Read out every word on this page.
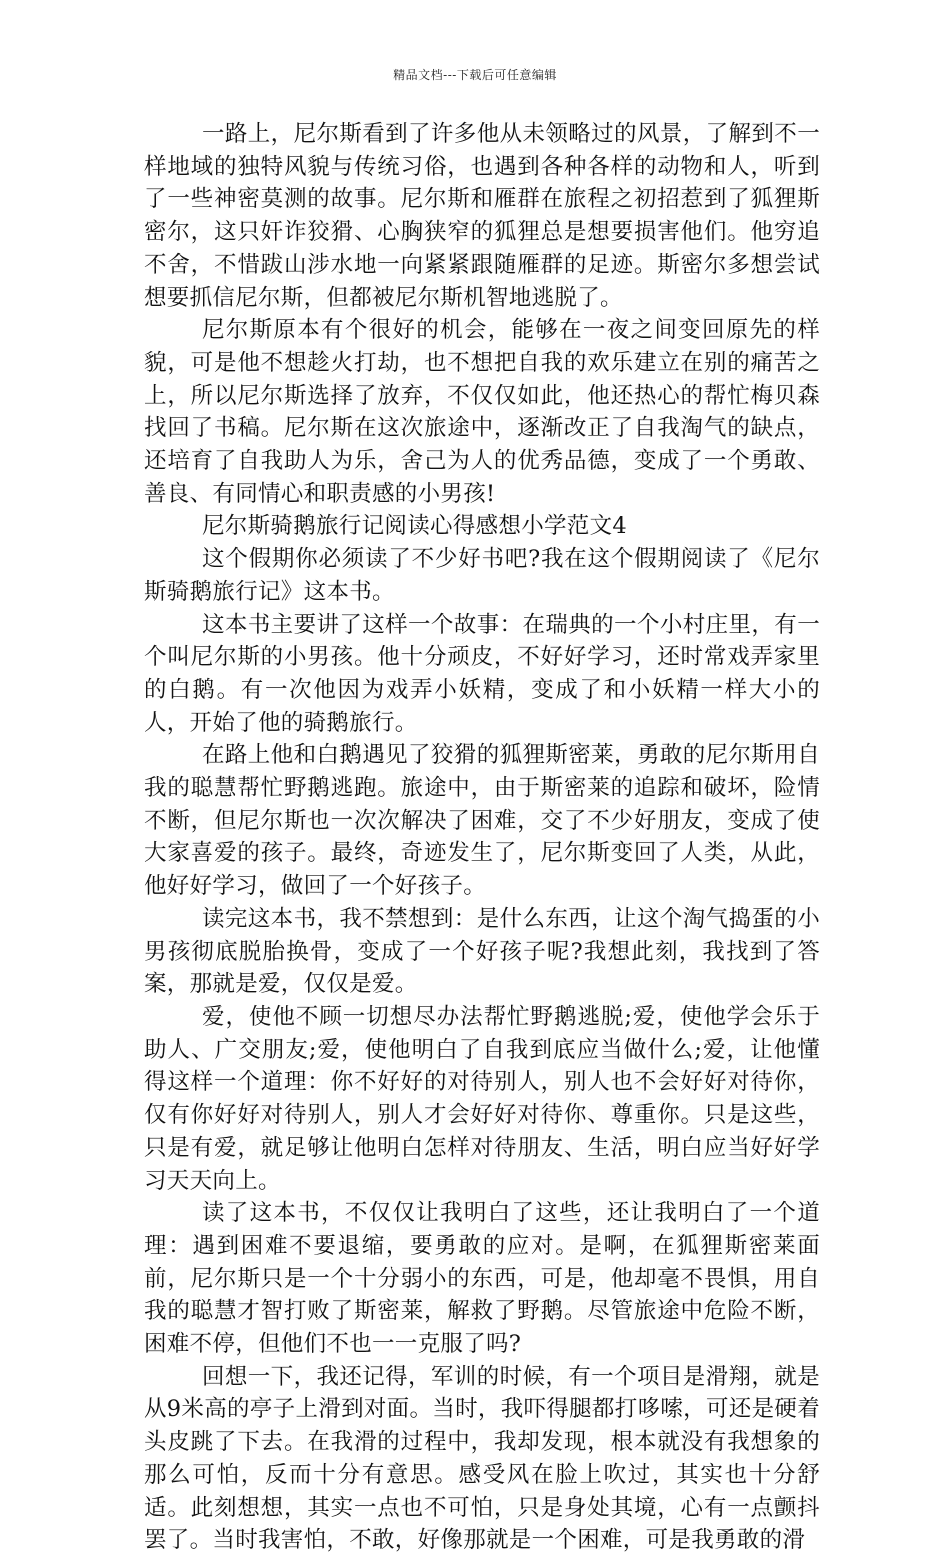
精品文档---下载后可任意编辑

一路上，尼尔斯看到了许多他从未领略过的风景，了解到不一样地域的独特风貌与传统习俗，也遇到各种各样的动物和人，听到了一些神密莫测的故事。尼尔斯和雁群在旅程之初招惹到了狐狸斯密尔，这只奸诈狡猾、心胸狭窄的狐狸总是想要损害他们。他穷追不舍，不惜跋山涉水地一向紧紧跟随雁群的足迹。斯密尔多想尝试想要抓信尼尔斯，但都被尼尔斯机智地逃脱了。

尼尔斯原本有个很好的机会，能够在一夜之间变回原先的样貌，可是他不想趁火打劫，也不想把自我的欢乐建立在别的痛苦之上，所以尼尔斯选择了放弃，不仅仅如此，他还热心的帮忙梅贝森找回了书稿。尼尔斯在这次旅途中，逐渐改正了自我淘气的缺点，还培育了自我助人为乐，舍己为人的优秀品德，变成了一个勇敢、善良、有同情心和职责感的小男孩!

尼尔斯骑鹅旅行记阅读心得感想小学范文4

这个假期你必须读了不少好书吧?我在这个假期阅读了《尼尔斯骑鹅旅行记》这本书。

这本书主要讲了这样一个故事：在瑞典的一个小村庄里，有一个叫尼尔斯的小男孩。他十分顽皮，不好好学习，还时常戏弄家里的白鹅。有一次他因为戏弄小妖精，变成了和小妖精一样大小的人，开始了他的骑鹅旅行。

在路上他和白鹅遇见了狡猾的狐狸斯密莱，勇敢的尼尔斯用自我的聪慧帮忙野鹅逃跑。旅途中，由于斯密莱的追踪和破坏，险情不断，但尼尔斯也一次次解决了困难，交了不少好朋友，变成了使大家喜爱的孩子。最终，奇迹发生了，尼尔斯变回了人类，从此，他好好学习，做回了一个好孩子。

读完这本书，我不禁想到：是什么东西，让这个淘气捣蛋的小男孩彻底脱胎换骨，变成了一个好孩子呢?我想此刻，我找到了答案，那就是爱，仅仅是爱。

爱，使他不顾一切想尽办法帮忙野鹅逃脱;爱，使他学会乐于助人、广交朋友;爱，使他明白了自我到底应当做什么;爱，让他懂得这样一个道理：你不好好的对待别人，别人也不会好好对待你，仅有你好好对待别人，别人才会好好对待你、尊重你。只是这些，只是有爱，就足够让他明白怎样对待朋友、生活，明白应当好好学习天天向上。

读了这本书，不仅仅让我明白了这些，还让我明白了一个道理：遇到困难不要退缩，要勇敢的应对。是啊，在狐狸斯密莱面前，尼尔斯只是一个十分弱小的东西，可是，他却毫不畏惧，用自我的聪慧才智打败了斯密莱，解救了野鹅。尽管旅途中危险不断，困难不停，但他们不也一一克服了吗?

回想一下，我还记得，军训的时候，有一个项目是滑翔，就是从9米高的亭子上滑到对面。当时，我吓得腿都打哆嗦，可还是硬着头皮跳了下去。在我滑的过程中，我却发现，根本就没有我想象的那么可怕，反而十分有意思。感受风在脸上吹过，其实也十分舒适。此刻想想，其实一点也不可怕，只是身处其境，心有一点颤抖罢了。当时我害怕，不敢，好像那就是一个困难，可是我勇敢的滑
